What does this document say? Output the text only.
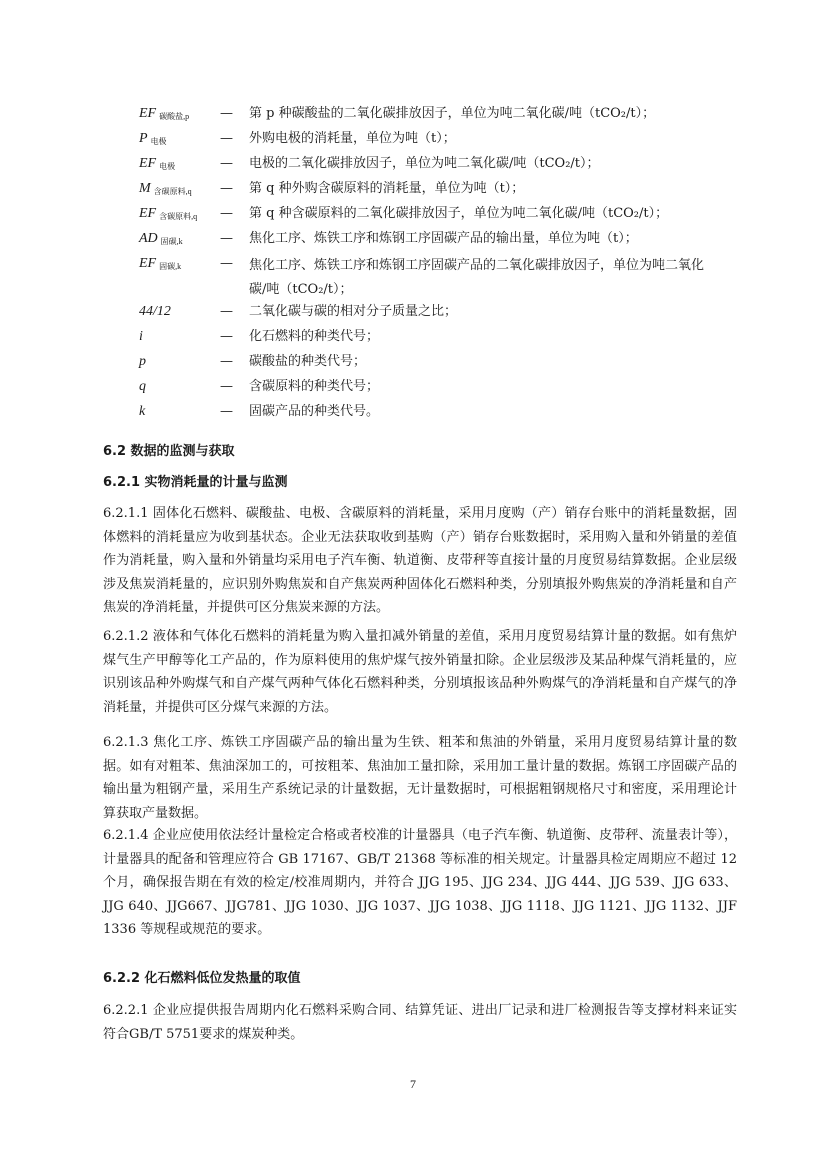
EF $_{碳酸盐,p}$ — 第 p 种碳酸盐的二氧化碳排放因子，单位为吨二氧化碳/吨（tCO₂/t）；
P $_{电极}$	— 外购电极的消耗量，单位为吨（t）；
EF $_{电极}$	— 电极的二氧化碳排放因子，单位为吨二氧化碳/吨（tCO₂/t）；
M $_{含碳原料,q}$ — 第 q 种外购含碳原料的消耗量，单位为吨（t）；
EF $_{含碳原料,q}$ — 第 q 种含碳原料的二氧化碳排放因子，单位为吨二氧化碳/吨（tCO₂/t）；
AD $_{固碳,k}$	— 焦化工序、炼铁工序和炼钢工序固碳产品的输出量，单位为吨（t）；
EF $_{固碳,k}$	— 焦化工序、炼铁工序和炼钢工序固碳产品的二氧化碳排放因子，单位为吨二氧化碳/吨（tCO₂/t）；
44/12	— 二氧化碳与碳的相对分子质量之比；
i	— 化石燃料的种类代号；
p	— 碳酸盐的种类代号；
q	— 含碳原料的种类代号；
k	— 固碳产品的种类代号。
6.2 数据的监测与获取
6.2.1 实物消耗量的计量与监测
6.2.1.1 固体化石燃料、碳酸盐、电极、含碳原料的消耗量，采用月度购（产）销存台账中的消耗量数据，固体燃料的消耗量应为收到基状态。企业无法获取收到基购（产）销存台账数据时，采用购入量和外销量的差值作为消耗量，购入量和外销量均采用电子汽车衡、轨道衡、皮带秤等直接计量的月度贸易结算数据。企业层级涉及焦炭消耗量的，应识别外购焦炭和自产焦炭两种固体化石燃料种类，分别填报外购焦炭的净消耗量和自产焦炭的净消耗量，并提供可区分焦炭来源的方法。
6.2.1.2 液体和气体化石燃料的消耗量为购入量扣减外销量的差值，采用月度贸易结算计量的数据。如有焦炉煤气生产甲醇等化工产品的，作为原料使用的焦炉煤气按外销量扣除。企业层级涉及某品种煤气消耗量的，应识别该品种外购煤气和自产煤气两种气体化石燃料种类，分别填报该品种外购煤气的净消耗量和自产煤气的净消耗量，并提供可区分煤气来源的方法。
6.2.1.3 焦化工序、炼铁工序固碳产品的输出量为生铁、粗苯和焦油的外销量，采用月度贸易结算计量的数据。如有对粗苯、焦油深加工的，可按粗苯、焦油加工量扣除，采用加工量计量的数据。炼钢工序固碳产品的输出量为粗钢产量，采用生产系统记录的计量数据，无计量数据时，可根据粗钢规格尺寸和密度，采用理论计算获取产量数据。
6.2.1.4 企业应使用依法经计量检定合格或者校准的计量器具（电子汽车衡、轨道衡、皮带秤、流量表计等），计量器具的配备和管理应符合 GB 17167、GB/T 21368 等标准的相关规定。计量器具检定周期应不超过 12 个月，确保报告期在有效的检定/校准周期内，并符合 JJG 195、JJG 234、JJG 444、JJG 539、JJG 633、JJG 640、JJG667、JJG781、JJG 1030、JJG 1037、JJG 1038、JJG 1118、JJG 1121、JJG 1132、JJF 1336 等规程或规范的要求。
6.2.2 化石燃料低位发热量的取值
6.2.2.1 企业应提供报告周期内化石燃料采购合同、结算凭证、进出厂记录和进厂检测报告等支撑材料来证实符合GB/T 5751要求的煤炭种类。
7
